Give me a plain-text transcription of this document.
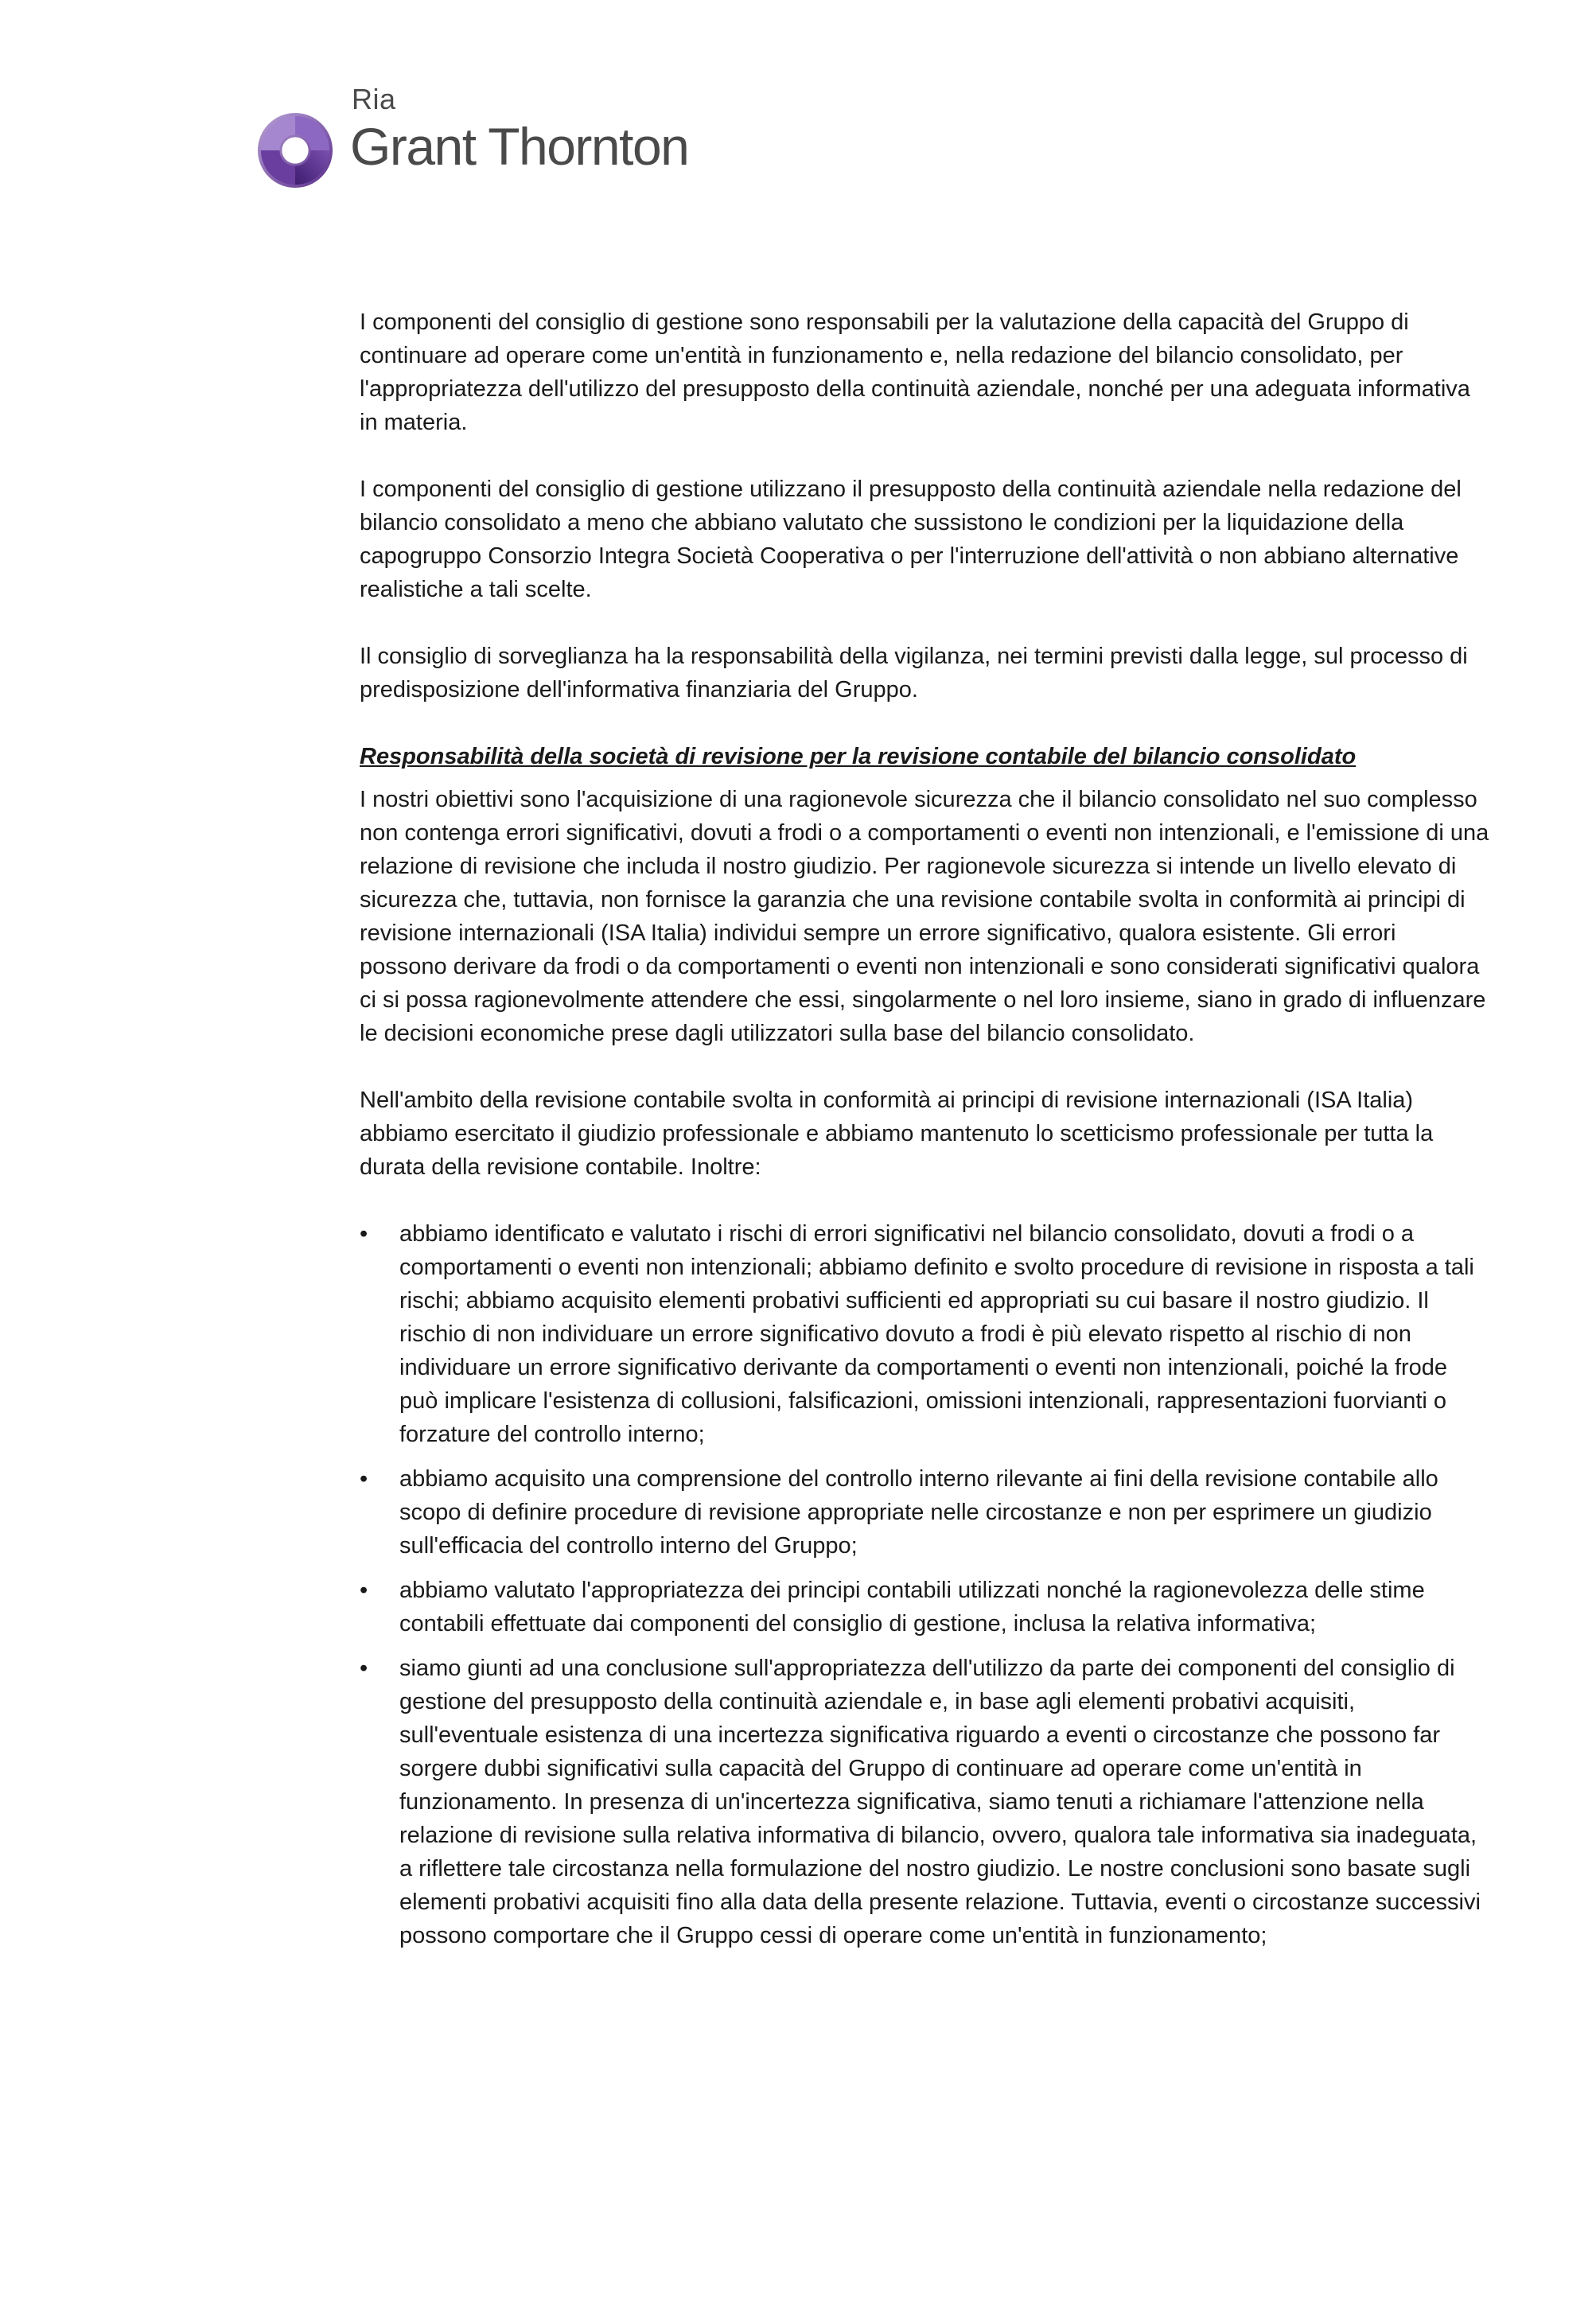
Ria
Grant Thornton

I componenti del consiglio di gestione sono responsabili per la valutazione della capacità del Gruppo di continuare ad operare come un'entità in funzionamento e, nella redazione del bilancio consolidato, per l'appropriatezza dell'utilizzo del presupposto della continuità aziendale, nonché per una adeguata informativa in materia.

I componenti del consiglio di gestione utilizzano il presupposto della continuità aziendale nella redazione del bilancio consolidato a meno che abbiano valutato che sussistono le condizioni per la liquidazione della capogruppo Consorzio Integra Società Cooperativa o per l'interruzione dell'attività o non abbiano alternative realistiche a tali scelte.

Il consiglio di sorveglianza ha la responsabilità della vigilanza, nei termini previsti dalla legge, sul processo di predisposizione dell'informativa finanziaria del Gruppo.

Responsabilità della società di revisione per la revisione contabile del bilancio consolidato

I nostri obiettivi sono l'acquisizione di una ragionevole sicurezza che il bilancio consolidato nel suo complesso non contenga errori significativi, dovuti a frodi o a comportamenti o eventi non intenzionali, e l'emissione di una relazione di revisione che includa il nostro giudizio. Per ragionevole sicurezza si intende un livello elevato di sicurezza che, tuttavia, non fornisce la garanzia che una revisione contabile svolta in conformità ai principi di revisione internazionali (ISA Italia) individui sempre un errore significativo, qualora esistente. Gli errori possono derivare da frodi o da comportamenti o eventi non intenzionali e sono considerati significativi qualora ci si possa ragionevolmente attendere che essi, singolarmente o nel loro insieme, siano in grado di influenzare le decisioni economiche prese dagli utilizzatori sulla base del bilancio consolidato.

Nell'ambito della revisione contabile svolta in conformità ai principi di revisione internazionali (ISA Italia) abbiamo esercitato il giudizio professionale e abbiamo mantenuto lo scetticismo professionale per tutta la durata della revisione contabile. Inoltre:

• abbiamo identificato e valutato i rischi di errori significativi nel bilancio consolidato, dovuti a frodi o a comportamenti o eventi non intenzionali; abbiamo definito e svolto procedure di revisione in risposta a tali rischi; abbiamo acquisito elementi probativi sufficienti ed appropriati su cui basare il nostro giudizio. Il rischio di non individuare un errore significativo dovuto a frodi è più elevato rispetto al rischio di non individuare un errore significativo derivante da comportamenti o eventi non intenzionali, poiché la frode può implicare l'esistenza di collusioni, falsificazioni, omissioni intenzionali, rappresentazioni fuorvianti o forzature del controllo interno;
• abbiamo acquisito una comprensione del controllo interno rilevante ai fini della revisione contabile allo scopo di definire procedure di revisione appropriate nelle circostanze e non per esprimere un giudizio sull'efficacia del controllo interno del Gruppo;
• abbiamo valutato l'appropriatezza dei principi contabili utilizzati nonché la ragionevolezza delle stime contabili effettuate dai componenti del consiglio di gestione, inclusa la relativa informativa;
• siamo giunti ad una conclusione sull'appropriatezza dell'utilizzo da parte dei componenti del consiglio di gestione del presupposto della continuità aziendale e, in base agli elementi probativi acquisiti, sull'eventuale esistenza di una incertezza significativa riguardo a eventi o circostanze che possono far sorgere dubbi significativi sulla capacità del Gruppo di continuare ad operare come un'entità in funzionamento. In presenza di un'incertezza significativa, siamo tenuti a richiamare l'attenzione nella relazione di revisione sulla relativa informativa di bilancio, ovvero, qualora tale informativa sia inadeguata, a riflettere tale circostanza nella formulazione del nostro giudizio. Le nostre conclusioni sono basate sugli elementi probativi acquisiti fino alla data della presente relazione. Tuttavia, eventi o circostanze successivi possono comportare che il Gruppo cessi di operare come un'entità in funzionamento;
